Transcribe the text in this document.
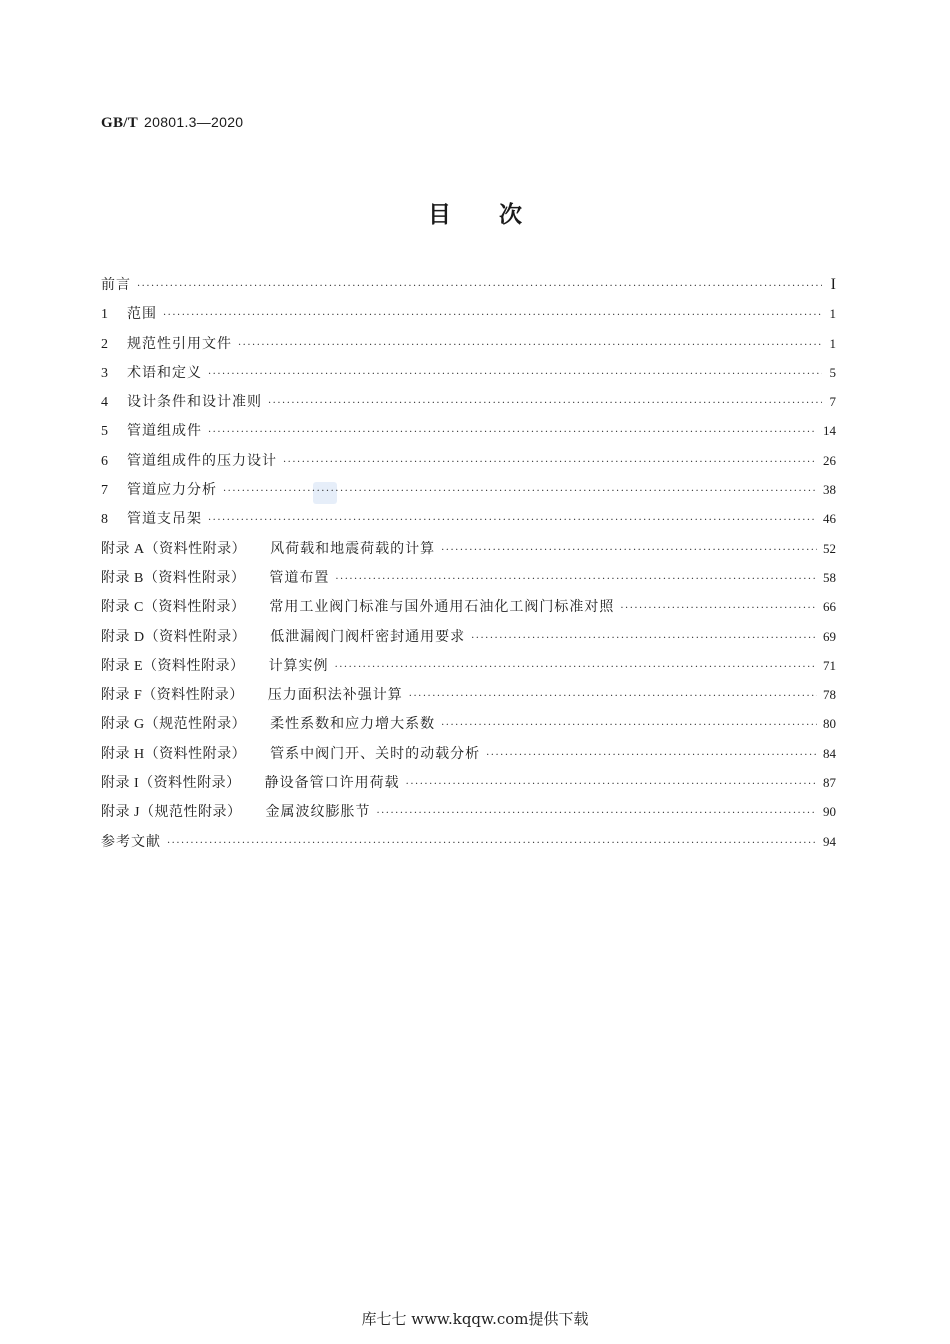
GB/T 20801.3—2020
目次
前言 ·····	I
1	范围 ·····	1
2	规范性引用文件 ·····	1
3	术语和定义 ·····	5
4	设计条件和设计准则 ·····	7
5	管道组成件 ·····	14
6	管道组成件的压力设计 ·····	26
7	管道应力分析 ·····	38
8	管道支吊架 ·····	46
附录 A（资料性附录） 风荷载和地震荷载的计算 ·····	52
附录 B（资料性附录） 管道布置 ·····	58
附录 C（资料性附录） 常用工业阀门标准与国外通用石油化工阀门标准对照 ·····	66
附录 D（资料性附录） 低泄漏阀门阀杆密封通用要求 ·····	69
附录 E（资料性附录） 计算实例 ·····	71
附录 F（资料性附录） 压力面积法补强计算 ·····	78
附录 G（规范性附录） 柔性系数和应力增大系数 ·····	80
附录 H（资料性附录） 管系中阀门开、关时的动载分析 ·····	84
附录 I（资料性附录） 静设备管口许用荷载 ·····	87
附录 J（规范性附录） 金属波纹膨胀节 ·····	90
参考文献 ·····	94
库七七 www.kqqw.com提供下载
